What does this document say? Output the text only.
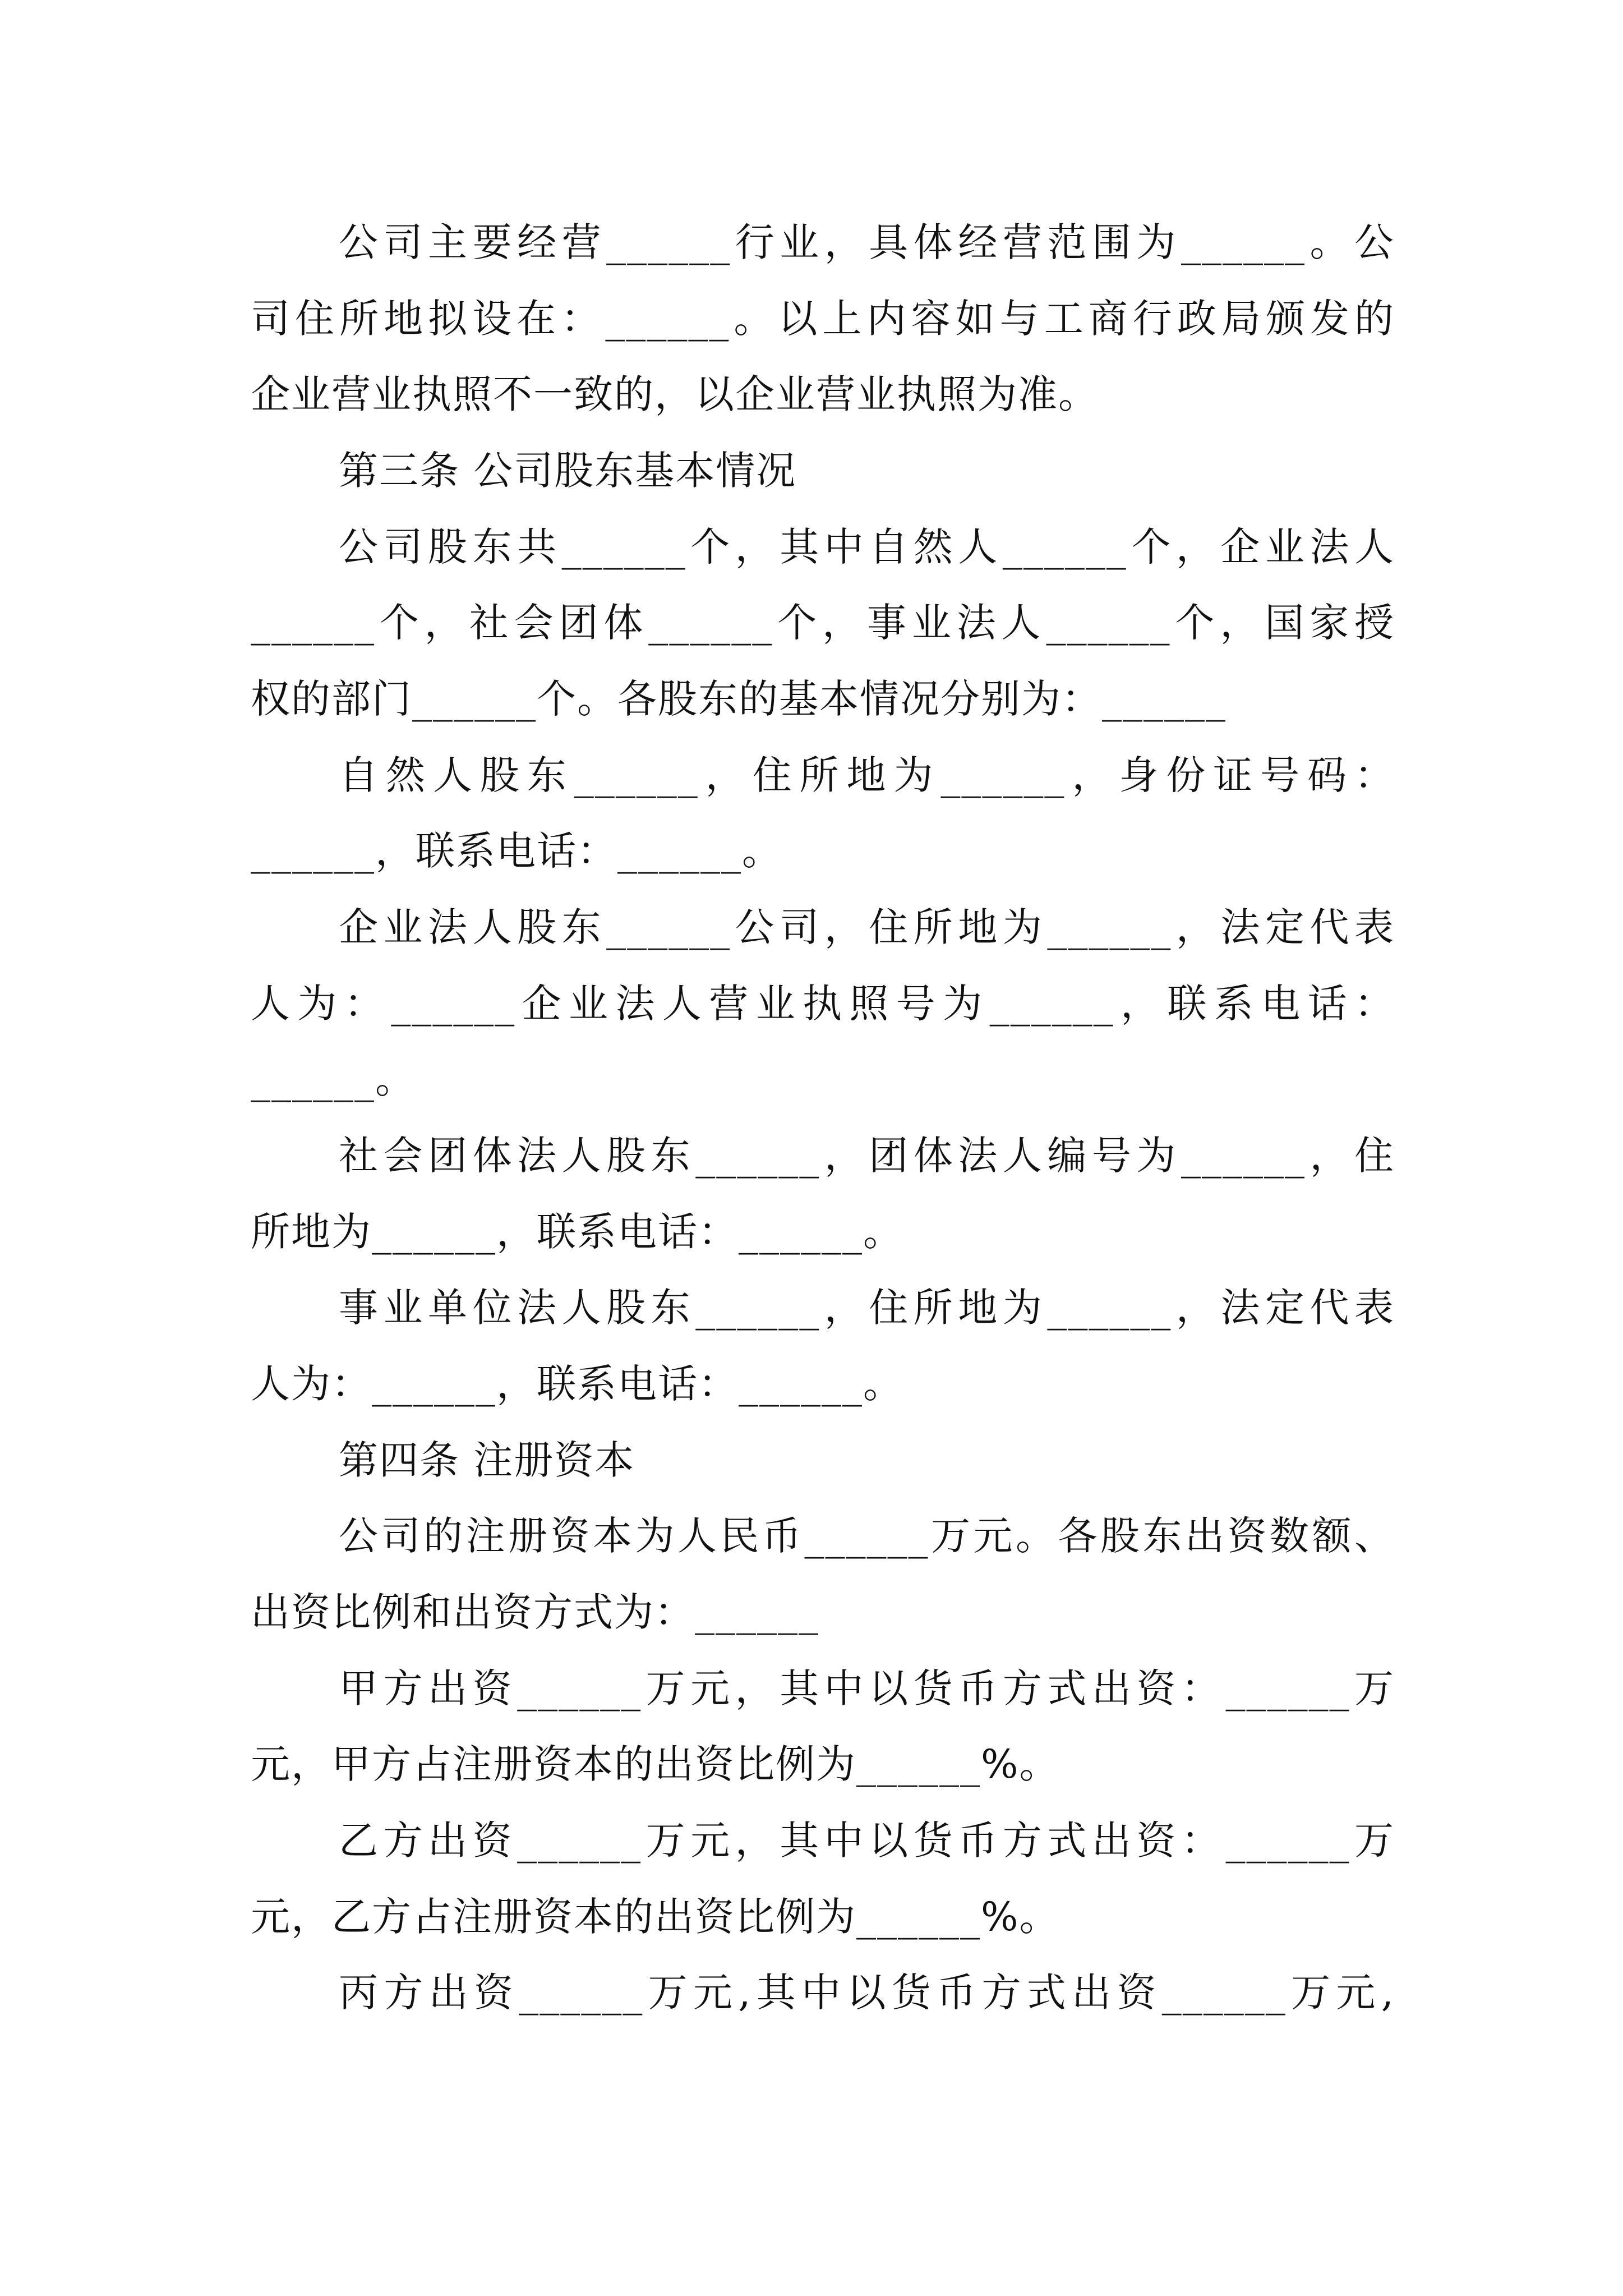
公司主要经营______行业，具体经营范围为______。公
司住所地拟设在：______。以上内容如与工商行政局颁发的
企业营业执照不一致的，以企业营业执照为准。
第三条 公司股东基本情况
公司股东共______个，其中自然人______个，企业法人
______个，社会团体______个，事业法人______个，国家授
权的部门______个。各股东的基本情况分别为：______
自然人股东______，住所地为______，身份证号码：
______，联系电话：______。
企业法人股东______公司，住所地为______，法定代表
人为：______企业法人营业执照号为______，联系电话：
______。
社会团体法人股东______，团体法人编号为______，住
所地为______，联系电话：______。
事业单位法人股东______，住所地为______，法定代表
人为：______，联系电话：______。
第四条 注册资本
公司的注册资本为人民币______万元。各股东出资数额、
出资比例和出资方式为：______
甲方出资______万元，其中以货币方式出资：______万
元，甲方占注册资本的出资比例为______%。
乙方出资______万元，其中以货币方式出资：______万
元，乙方占注册资本的出资比例为______%。
丙方出资______万元,其中以货币方式出资______万元,
